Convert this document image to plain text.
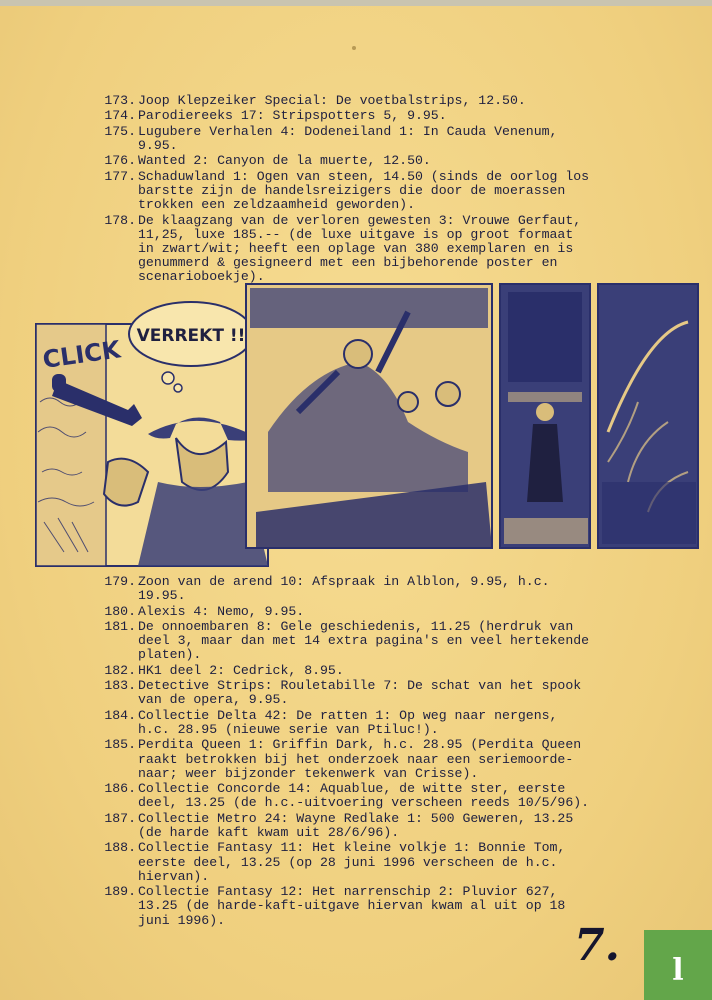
173. Joop Klepzeiker Special: De voetbalstrips, 12.50.
174. Parodiereeks 17: Stripspotters 5, 9.95.
175. Lugubere Verhalen 4: Dodeneiland 1: In Cauda Venenum,
9.95.
176. Wanted 2: Canyon de la muerte, 12.50.
177. Schaduwland 1: Ogen van steen, 14.50 (sinds de oorlog los
barstte zijn de handelsreizigers die door de moerassen
trokken een zeldzaamheid geworden).
178. De klaagzang van de verloren gewesten 3: Vrouwe Gerfaut,
11,25, luxe 185.-- (de luxe uitgave is op groot formaat
in zwart/wit; heeft een oplage van 380 exemplaren en is
genummerd & gesigneerd met een bijbehorende poster en
scenarioboekje).
CLICK VERREKT !!
179. Zoon van de arend 10: Afspraak in Alblon, 9.95, h.c.
19.95.
180. Alexis 4: Nemo, 9.95.
181. De onnoembaren 8: Gele geschiedenis, 11.25 (herdruk van
deel 3, maar dan met 14 extra pagina's en veel hertekende
platen).
182. HK1 deel 2: Cedrick, 8.95.
183. Detective Strips: Rouletabille 7: De schat van het spook
van de opera, 9.95.
184. Collectie Delta 42: De ratten 1: Op weg naar nergens,
h.c. 28.95 (nieuwe serie van Ptiluc!).
185. Perdita Queen 1: Griffin Dark, h.c. 28.95 (Perdita Queen
raakt betrokken bij het onderzoek naar een seriemoorde-
naar; weer bijzonder tekenwerk van Crisse).
186. Collectie Concorde 14: Aquablue, de witte ster, eerste
deel, 13.25 (de h.c.-uitvoering verscheen reeds 10/5/96).
187. Collectie Metro 24: Wayne Redlake 1: 500 Geweren, 13.25
(de harde kaft kwam uit 28/6/96).
188. Collectie Fantasy 11: Het kleine volkje 1: Bonnie Tom,
eerste deel, 13.25 (op 28 juni 1996 verscheen de h.c.
hiervan).
189. Collectie Fantasy 12: Het narrenschip 2: Pluvior 627,
13.25 (de harde-kaft-uitgave hiervan kwam al uit op 18
juni 1996).	7. l
